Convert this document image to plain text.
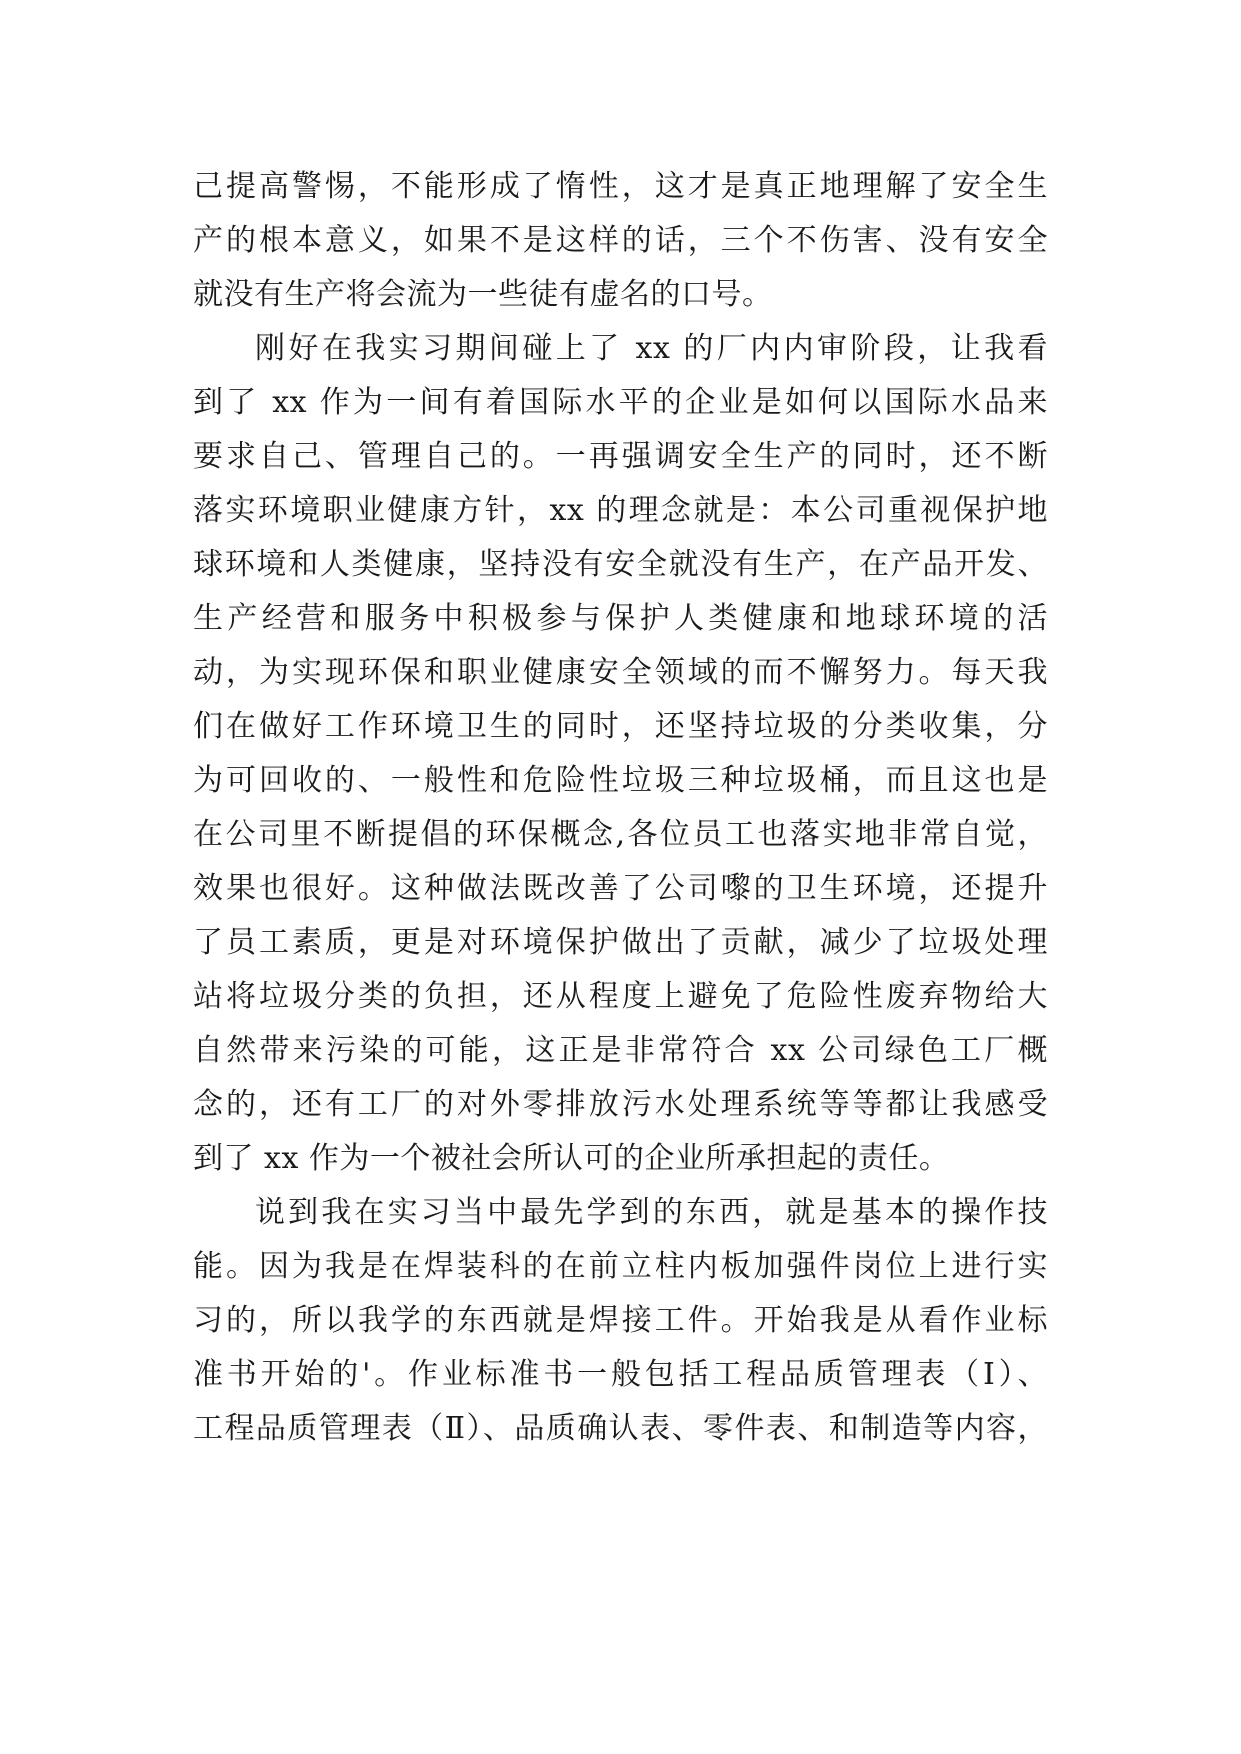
己提高警惕，不能形成了惰性，这才是真正地理解了安全生
产的根本意义，如果不是这样的话，三个不伤害、没有安全
就没有生产将会流为一些徒有虚名的口号。
刚好在我实习期间碰上了 xx 的厂内内审阶段，让我看
到了 xx 作为一间有着国际水平的企业是如何以国际水品来
要求自己、管理自己的。一再强调安全生产的同时，还不断
落实环境职业健康方针，xx 的理念就是：本公司重视保护地
球环境和人类健康，坚持没有安全就没有生产，在产品开发、
生产经营和服务中积极参与保护人类健康和地球环境的活
动，为实现环保和职业健康安全领域的而不懈努力。每天我
们在做好工作环境卫生的同时，还坚持垃圾的分类收集，分
为可回收的、一般性和危险性垃圾三种垃圾桶，而且这也是
在公司里不断提倡的环保概念,各位员工也落实地非常自觉，
效果也很好。这种做法既改善了公司嚟的卫生环境，还提升
了员工素质，更是对环境保护做出了贡献，减少了垃圾处理
站将垃圾分类的负担，还从程度上避免了危险性废弃物给大
自然带来污染的可能，这正是非常符合 xx 公司绿色工厂概
念的，还有工厂的对外零排放污水处理系统等等都让我感受
到了 xx 作为一个被社会所认可的企业所承担起的责任。
说到我在实习当中最先学到的东西，就是基本的操作技
能。因为我是在焊装科的在前立柱内板加强件岗位上进行实
习的，所以我学的东西就是焊接工件。开始我是从看作业标
准书开始的'。作业标准书一般包括工程品质管理表（Ⅰ）、
工程品质管理表（Ⅱ）、品质确认表、零件表、和制造等内容，
